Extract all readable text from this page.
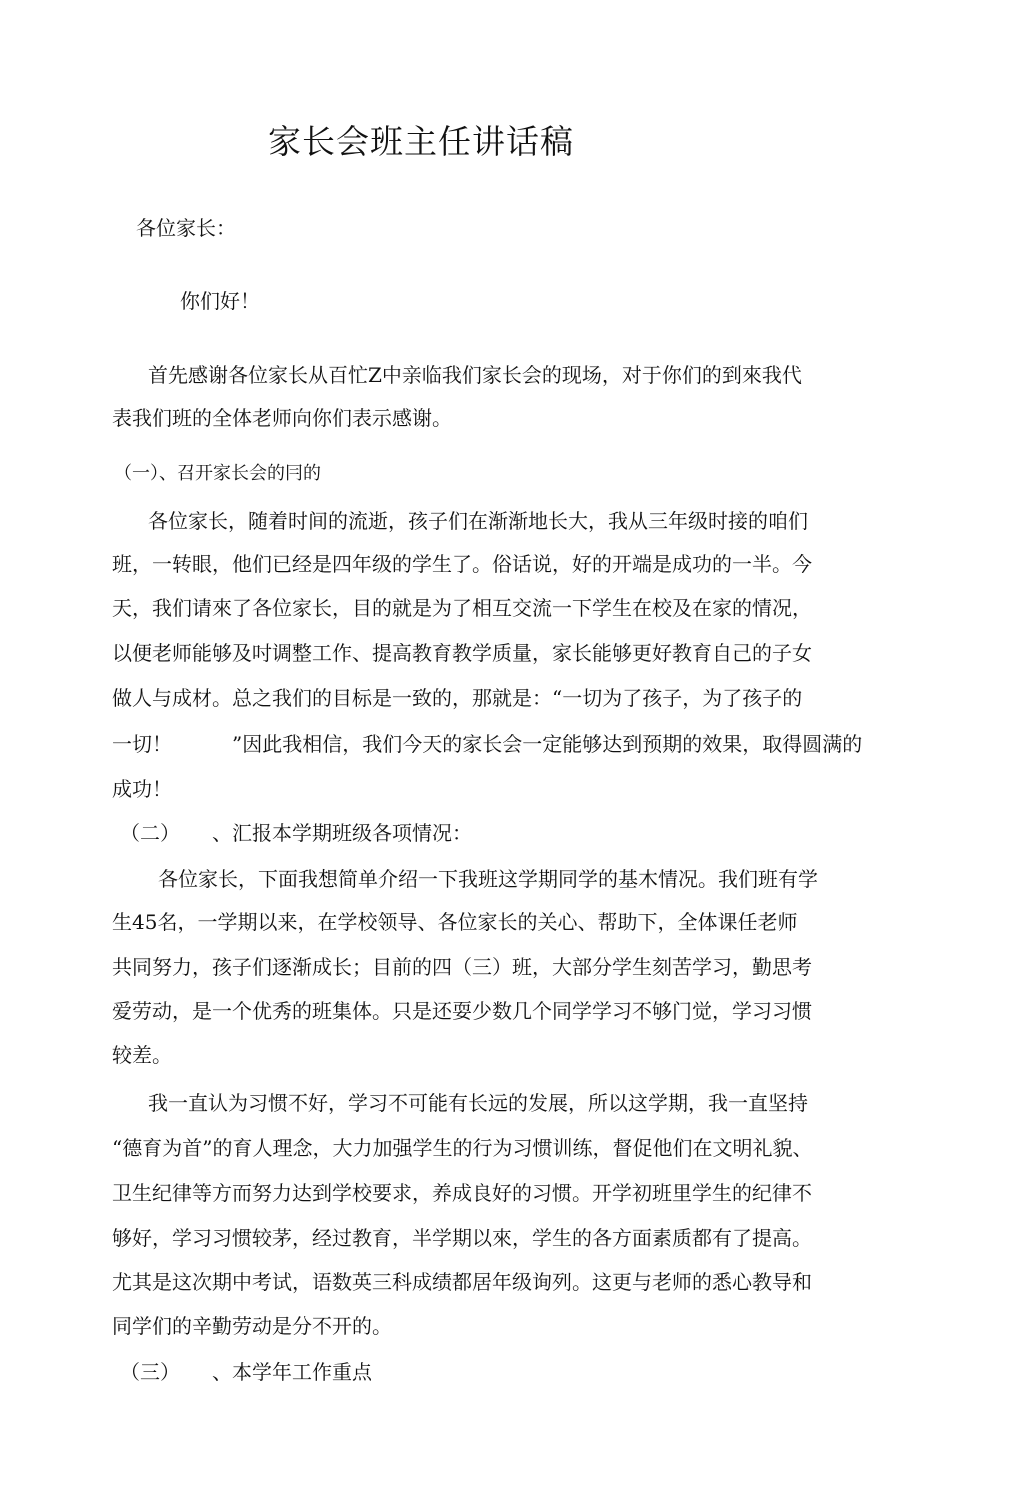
家长会班主任讲话稿
各位家长：
你们好！
首先感谢各位家长从百忙Z中亲临我们家长会的现场，对于你们的到來我代
表我们班的全体老师向你们表示感谢。
（一）、召开家长会的冃的
各位家长，随着时间的流逝，孩子们在渐渐地长大，我从三年级时接的咱们
班，一转眼，他们已经是四年级的学生了。俗话说，好的开端是成功的一半。今
天，我们请來了各位家长，目的就是为了相互交流一下学生在校及在家的情况，
以便老师能够及吋调整工作、提高教育教学质量，家长能够更好教育自己的子女
做人与成材。总之我们的目标是一致的，那就是：“一切为了孩子，为了孩子的
一切！	”因此我相信，我们今天的家长会一定能够达到预期的效果，取得圆满的
成功！
（二） 、汇报本学期班级各项情况：
各位家长，下面我想简单介绍一下我班这学期同学的基木情况。我们班有学
生45名，一学期以来，在学校领导、各位家长的关心、帮助下，全体课任老师
共同努力，孩子们逐渐成长；目前的四（三）班，大部分学生刻苦学习，勤思考
爱劳动，是一个优秀的班集体。只是还耍少数几个同学学习不够门觉，学习习惯
较差。
我一直认为习惯不好，学习不可能有长远的发展，所以这学期，我一直坚持
“德育为首”的育人理念，大力加强学生的行为习惯训练，督促他们在文明礼貌、
卫生纪律等方而努力达到学校要求，养成良好的习惯。开学初班里学生的纪律不
够好，学习习惯较茅，经过教育，半学期以來，学生的各方面素质都有了提高。
尤其是这次期中考试，语数英三科成绩都居年级询列。这更与老师的悉心教导和
同学们的辛勤劳动是分不开的。
（三） 、本学年工作重点
